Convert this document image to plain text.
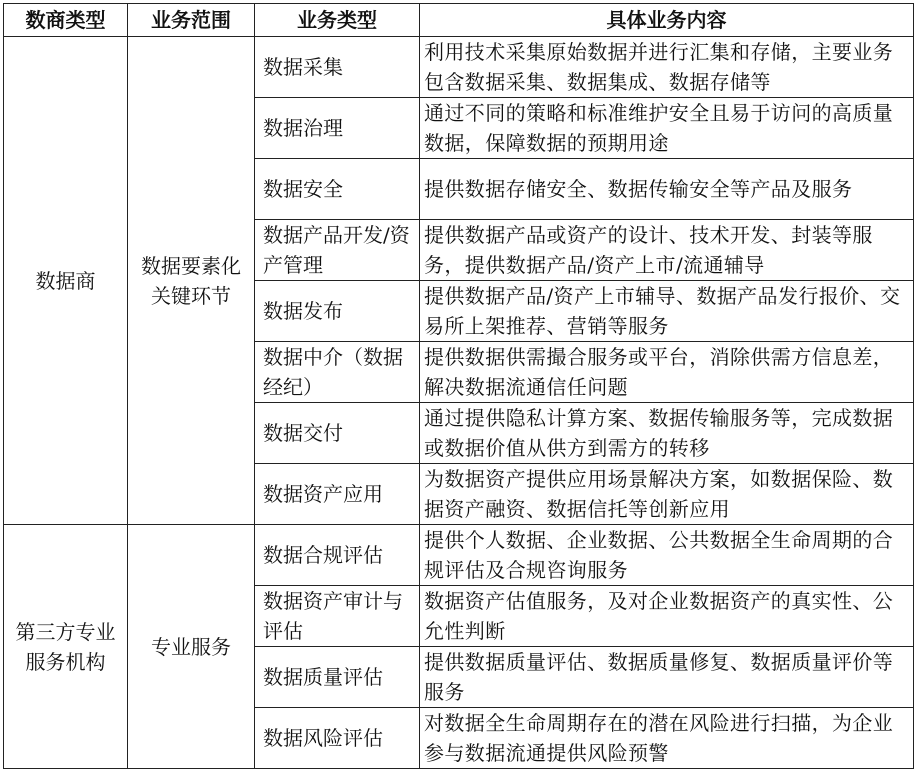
数商类型	业务范围	业务类型	具体业务内容
数据商	数据要素化关键环节	数据采集	利用技术采集原始数据并进行汇集和存储，主要业务包含数据采集、数据集成、数据存储等
		数据治理	通过不同的策略和标准维护安全且易于访问的高质量数据，保障数据的预期用途
		数据安全	提供数据存储安全、数据传输安全等产品及服务
		数据产品开发/资产管理	提供数据产品或资产的设计、技术开发、封装等服务，提供数据产品/资产上市/流通辅导
		数据发布	提供数据产品/资产上市辅导、数据产品发行报价、交易所上架推荐、营销等服务
		数据中介（数据经纪）	提供数据供需撮合服务或平台，消除供需方信息差，解决数据流通信任问题
		数据交付	通过提供隐私计算方案、数据传输服务等，完成数据或数据价值从供方到需方的转移
		数据资产应用	为数据资产提供应用场景解决方案，如数据保险、数据资产融资、数据信托等创新应用
第三方专业服务机构	专业服务	数据合规评估	提供个人数据、企业数据、公共数据全生命周期的合规评估及合规咨询服务
		数据资产审计与评估	数据资产估值服务，及对企业数据资产的真实性、公允性判断
		数据质量评估	提供数据质量评估、数据质量修复、数据质量评价等服务
		数据风险评估	对数据全生命周期存在的潜在风险进行扫描，为企业参与数据流通提供风险预警
